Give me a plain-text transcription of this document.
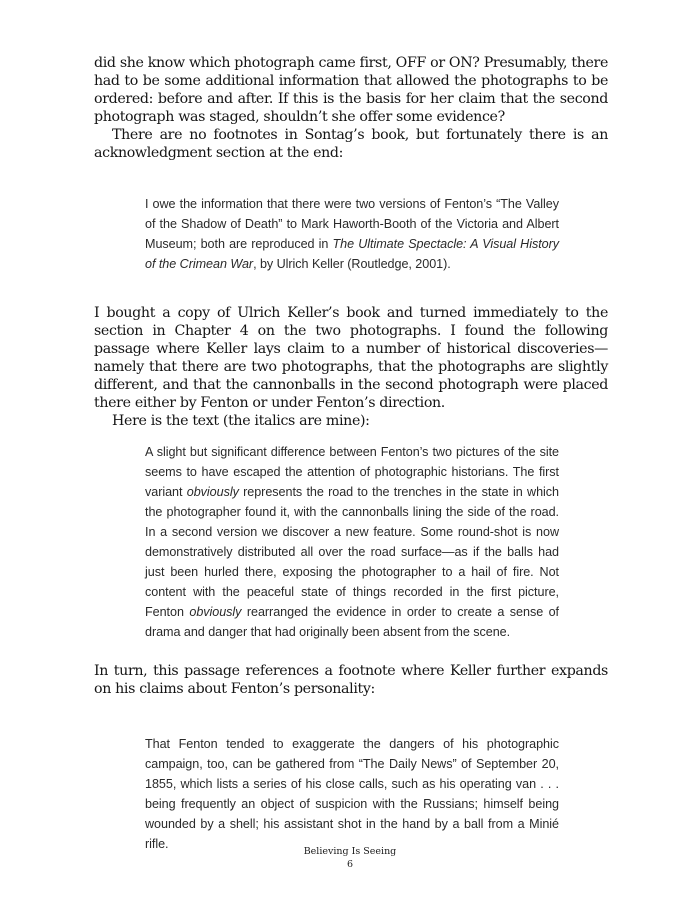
did she know which photograph came first, OFF or ON? Presumably, there had to be some additional information that allowed the photographs to be ordered: before and after. If this is the basis for her claim that the second photograph was staged, shouldn’t she offer some evidence?

There are no footnotes in Sontag’s book, but fortunately there is an acknowledgment section at the end:

I owe the information that there were two versions of Fenton’s “The Valley of the Shadow of Death” to Mark Haworth-Booth of the Victoria and Albert Museum; both are reproduced in The Ultimate Spectacle: A Visual History of the Crimean War, by Ulrich Keller (Routledge, 2001).

I bought a copy of Ulrich Keller’s book and turned immediately to the section in Chapter 4 on the two photographs. I found the following passage where Keller lays claim to a number of historical discoveries—namely that there are two photographs, that the photographs are slightly different, and that the cannonballs in the second photograph were placed there either by Fenton or under Fenton’s direction.

Here is the text (the italics are mine):

A slight but significant difference between Fenton’s two pictures of the site seems to have escaped the attention of photographic historians. The first variant obviously represents the road to the trenches in the state in which the photographer found it, with the cannonballs lining the side of the road. In a second version we discover a new feature. Some round-shot is now demonstratively distributed all over the road surface—as if the balls had just been hurled there, exposing the photographer to a hail of fire. Not content with the peaceful state of things recorded in the first picture, Fenton obviously rearranged the evidence in order to create a sense of drama and danger that had originally been absent from the scene.

In turn, this passage references a footnote where Keller further expands on his claims about Fenton’s personality:

That Fenton tended to exaggerate the dangers of his photographic campaign, too, can be gathered from “The Daily News” of September 20, 1855, which lists a series of his close calls, such as his operating van . . . being frequently an object of suspicion with the Russians; himself being wounded by a shell; his assistant shot in the hand by a ball from a Minié rifle.
Believing Is Seeing
6
